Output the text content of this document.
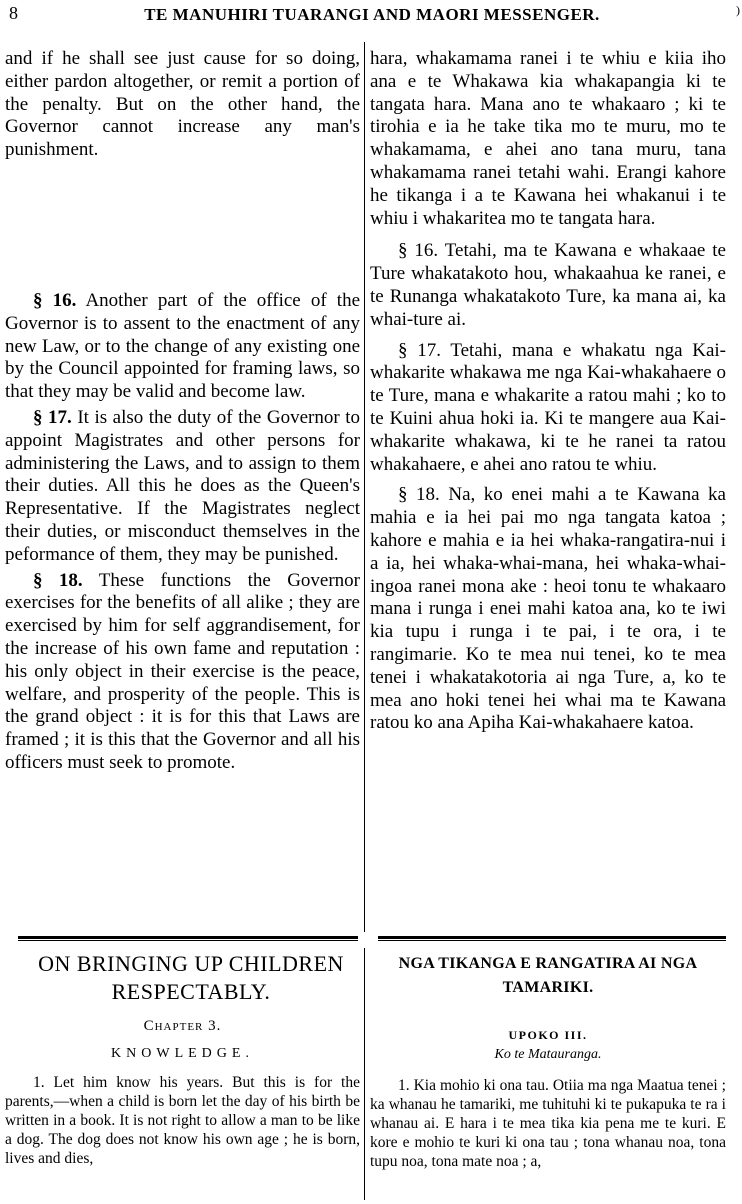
8	TE MANUHIRI TUARANGI AND MAORI MESSENGER.	)

and if he shall see just cause for so doing, either pardon altogether, or remit a portion of the penalty. But on the other hand, the Governor cannot increase any man's punishment.

§ 16. Another part of the office of the Governor is to assent to the enactment of any new Law, or to the change of any existing one by the Council appointed for framing laws, so that they may be valid and become law.

§ 17. It is also the duty of the Governor to appoint Magistrates and other persons for administering the Laws, and to assign to them their duties. All this he does as the Queen's Representative. If the Magistrates neglect their duties, or misconduct themselves in the peformance of them, they may be punished.

§ 18. These functions the Governor exercises for the benefits of all alike ; they are exercised by him for self aggrandisement, for the increase of his own fame and reputation : his only object in their exercise is the peace, welfare, and prosperity of the people. This is the grand object : it is for this that Laws are framed ; it is this that the Governor and all his officers must seek to promote.

hara, whakamama ranei i te whiu e kiia iho ana e te Whakawa kia whakapangia ki te tangata hara. Mana ano te whakaaro ; ki te tirohia e ia he take tika mo te muru, mo te whakamama, e ahei ano tana muru, tana whakamama ranei tetahi wahi. Erangi kahore he tikanga i a te Kawana hei whakanui i te whiu i whakaritea mo te tangata hara.

§ 16. Tetahi, ma te Kawana e whakaae te Ture whakatakoto hou, whakaahua ke ranei, e te Runanga whakatakoto Ture, ka mana ai, ka whai-ture ai.

§ 17. Tetahi, mana e whakatu nga Kai-whakarite whakawa me nga Kai-whakahaere o te Ture, mana e whakarite a ratou mahi ; ko to te Kuini ahua hoki ia. Ki te mangere aua Kai-whakarite whakawa, ki te he ranei ta ratou whakahaere, e ahei ano ratou te whiu.

§ 18. Na, ko enei mahi a te Kawana ka mahia e ia hei pai mo nga tangata katoa ; kahore e mahia e ia hei whaka-rangatira-nui i a ia, hei whaka-whai-mana, hei whaka-whai-ingoa ranei mona ake : heoi tonu te whakaaro mana i runga i enei mahi katoa ana, ko te iwi kia tupu i runga i te pai, i te ora, i te rangimarie. Ko te mea nui tenei, ko te mea tenei i whakatakotoria ai nga Ture, a, ko te mea ano hoki tenei hei whai ma te Kawana ratou ko ana Apiha Kai-whakahaere katoa.

ON BRINGING UP CHILDREN RESPECTABLY.
NGA TIKANGA E RANGATIRA AI NGA TAMARIKI.
Chapter 3.
KNOWLEDGE.
UPOKO III.
Ko te Matauranga.

1. Let him know his years. But this is for the parents,—when a child is born let the day of his birth be written in a book. It is not right to allow a man to be like a dog. The dog does not know his own age ; he is born, lives and dies,

1. Kia mohio ki ona tau. Otiia ma nga Maatua tenei ; ka whanau he tamariki, me tuhituhi ki te pukapuka te ra i whanau ai. E hara i te mea tika kia pena me te kuri. E kore e mohio te kuri ki ona tau ; tona whanau noa, tona tupu noa, tona mate noa ; a,
